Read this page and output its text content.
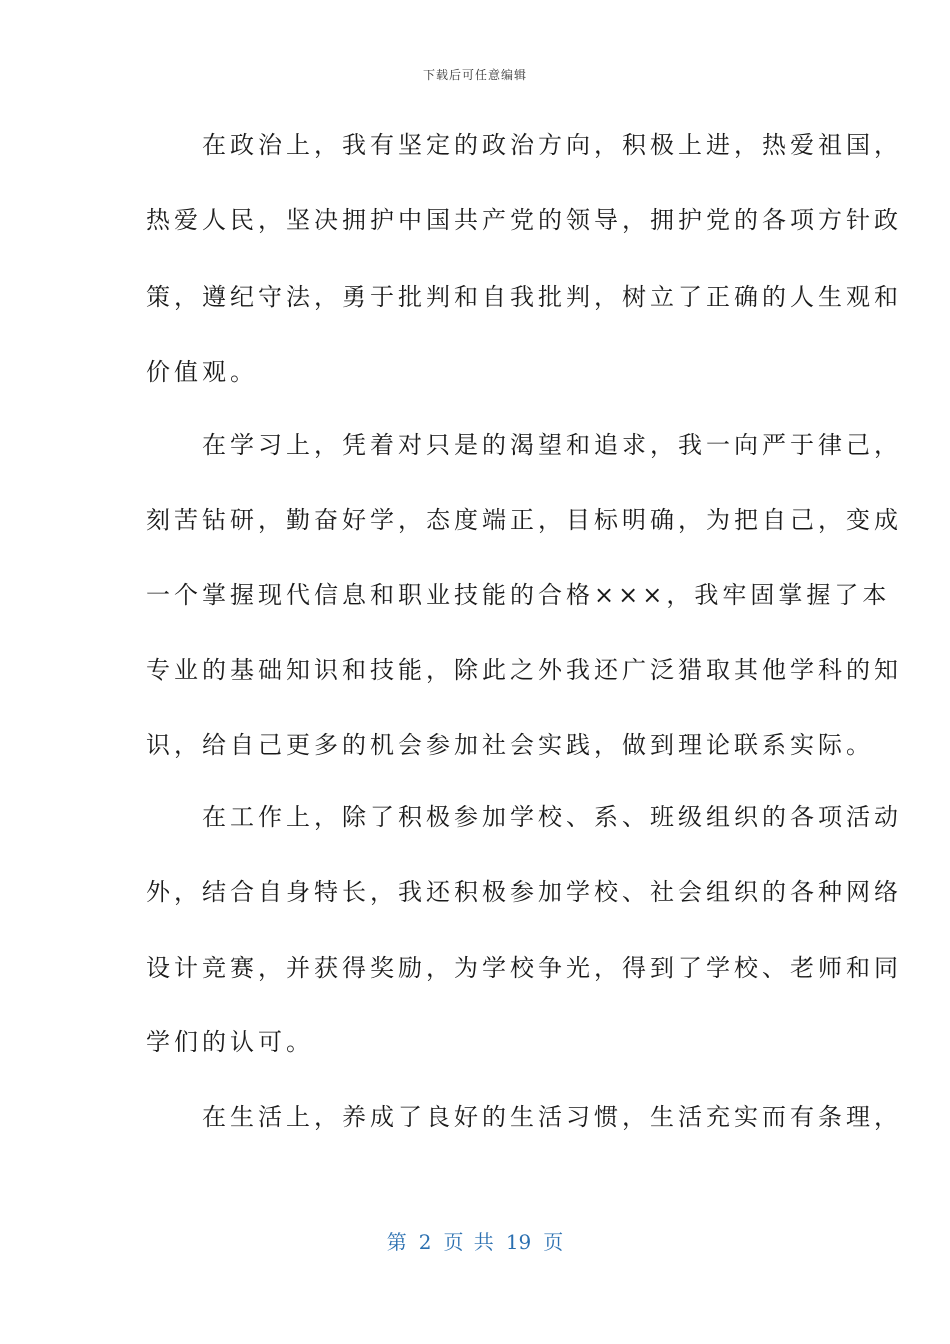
下载后可任意编辑
　　在政治上，我有坚定的政治方向，积极上进，热爱祖国，
热爱人民，坚决拥护中国共产党的领导，拥护党的各项方针政
策，遵纪守法，勇于批判和自我批判，树立了正确的人生观和
价值观。
　　在学习上，凭着对只是的渴望和追求，我一向严于律己，
刻苦钻研，勤奋好学，态度端正，目标明确，为把自己，变成
一个掌握现代信息和职业技能的合格×××，我牢固掌握了本
专业的基础知识和技能，除此之外我还广泛猎取其他学科的知
识，给自己更多的机会参加社会实践，做到理论联系实际。
　　在工作上，除了积极参加学校、系、班级组织的各项活动
外，结合自身特长，我还积极参加学校、社会组织的各种网络
设计竞赛，并获得奖励，为学校争光，得到了学校、老师和同
学们的认可。
　　在生活上，养成了良好的生活习惯，生活充实而有条理，
第 2 页 共 19 页
